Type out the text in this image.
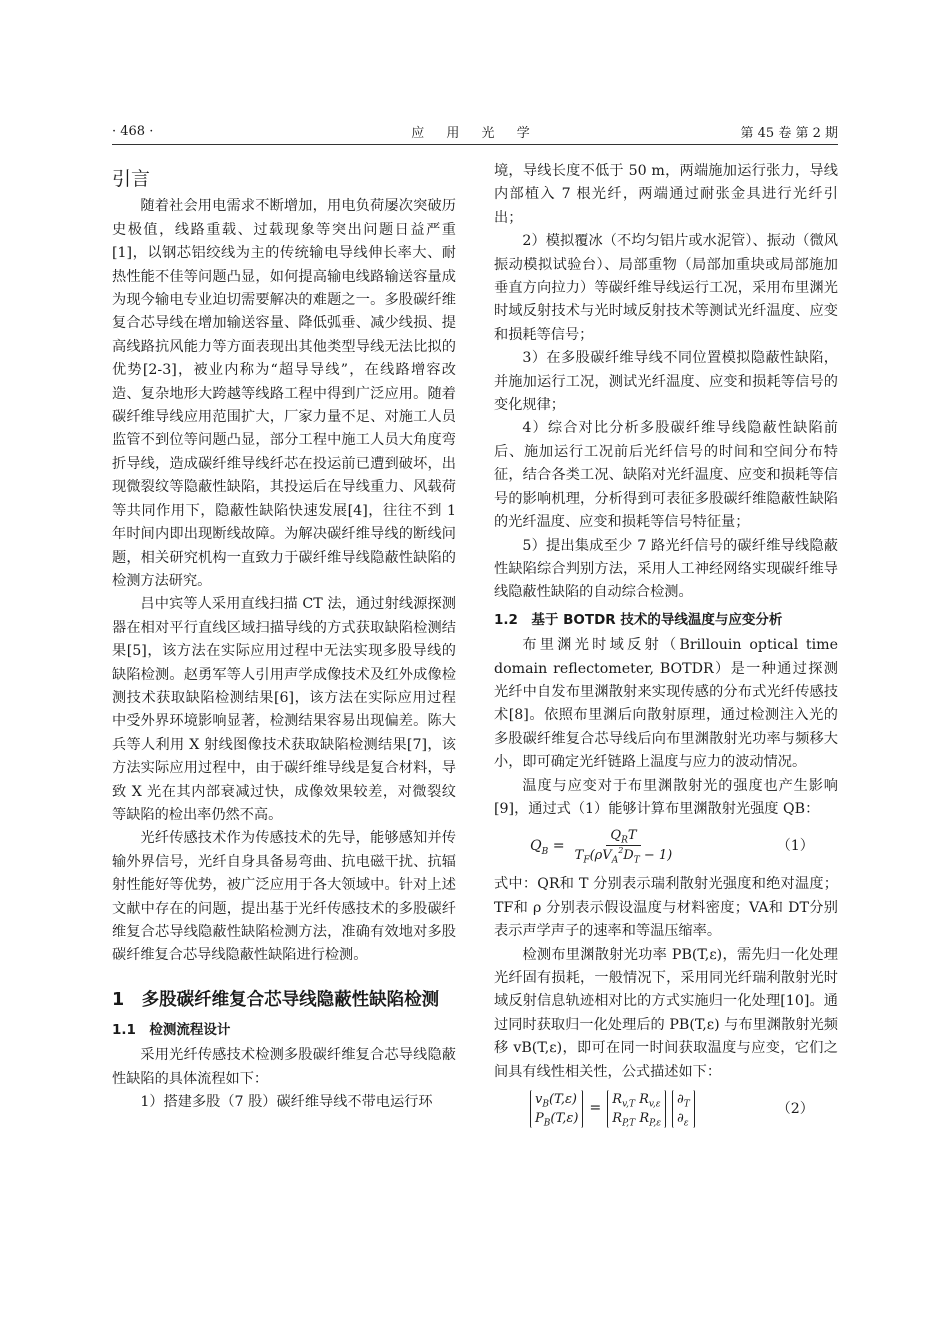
· 468 ·	应 用 光 学	第 45 卷 第 2 期
引言

随着社会用电需求不断增加，用电负荷屡次突破历史极值，线路重载、过载现象等突出问题日益严重[1]，以钢芯铝绞线为主的传统输电导线伸长率大、耐热性能不佳等问题凸显，如何提高输电线路输送容量成为现今输电专业迫切需要解决的难题之一。多股碳纤维复合芯导线在增加输送容量、降低弧垂、减少线损、提高线路抗风能力等方面表现出其他类型导线无法比拟的优势[2-3]，被业内称为“超导导线”，在线路增容改造、复杂地形大跨越等线路工程中得到广泛应用。随着碳纤维导线应用范围扩大，厂家力量不足、对施工人员监管不到位等问题凸显，部分工程中施工人员大角度弯折导线，造成碳纤维导线纤芯在投运前已遭到破坏，出现微裂纹等隐蔽性缺陷，其投运后在导线重力、风载荷等共同作用下，隐蔽性缺陷快速发展[4]，往往不到 1 年时间内即出现断线故障。为解决碳纤维导线的断线问题，相关研究机构一直致力于碳纤维导线隐蔽性缺陷的检测方法研究。

吕中宾等人采用直线扫描 CT 法，通过射线源探测器在相对平行直线区域扫描导线的方式获取缺陷检测结果[5]，该方法在实际应用过程中无法实现多股导线的缺陷检测。赵勇军等人引用声学成像技术及红外成像检测技术获取缺陷检测结果[6]，该方法在实际应用过程中受外界环境影响显著，检测结果容易出现偏差。陈大兵等人利用 X 射线图像技术获取缺陷检测结果[7]，该方法实际应用过程中，由于碳纤维导线是复合材料，导致 X 光在其内部衰减过快，成像效果较差，对微裂纹等缺陷的检出率仍然不高。

光纤传感技术作为传感技术的先导，能够感知并传输外界信号，光纤自身具备易弯曲、抗电磁干扰、抗辐射性能好等优势，被广泛应用于各大领域中。针对上述文献中存在的问题，提出基于光纤传感技术的多股碳纤维复合芯导线隐蔽性缺陷检测方法，准确有效地对多股碳纤维复合芯导线隐蔽性缺陷进行检测。

1　多股碳纤维复合芯导线隐蔽性缺陷检测
1.1　检测流程设计

采用光纤传感技术检测多股碳纤维复合芯导线隐蔽性缺陷的具体流程如下：

1）搭建多股（7 股）碳纤维导线不带电运行环

境，导线长度不低于 50 m，两端施加运行张力，导线内部植入 7 根光纤，两端通过耐张金具进行光纤引出；

2）模拟覆冰（不均匀铝片或水泥管）、振动（微风振动模拟试验台）、局部重物（局部加重块或局部施加垂直方向拉力）等碳纤维导线运行工况，采用布里渊光时域反射技术与光时域反射技术等测试光纤温度、应变和损耗等信号；

3）在多股碳纤维导线不同位置模拟隐蔽性缺陷，并施加运行工况，测试光纤温度、应变和损耗等信号的变化规律；

4）综合对比分析多股碳纤维导线隐蔽性缺陷前后、施加运行工况前后光纤信号的时间和空间分布特征，结合各类工况、缺陷对光纤温度、应变和损耗等信号的影响机理，分析得到可表征多股碳纤维隐蔽性缺陷的光纤温度、应变和损耗等信号特征量；

5）提出集成至少 7 路光纤信号的碳纤维导线隐蔽性缺陷综合判别方法，采用人工神经网络实现碳纤维导线隐蔽性缺陷的自动综合检测。

1.2　基于 BOTDR 技术的导线温度与应变分析

布里渊光时域反射（Brillouin optical time domain reflectometer, BOTDR）是一种通过探测光纤中自发布里渊散射来实现传感的分布式光纤传感技术[8]。依照布里渊后向散射原理，通过检测注入光的多股碳纤维复合芯导线后向布里渊散射光功率与频移大小，即可确定光纤链路上温度与应力的波动情况。

温度与应变对于布里渊散射光的强度也产生影响[9]，通过式（1）能够计算布里渊散射光强度 QB：

$Q_B = \frac{Q_RT}{T_F(\rho V_A^2D_T - 1)}$	（1）

式中：QR和 T 分别表示瑞利散射光强度和绝对温度；TF和 ρ 分别表示假设温度与材料密度；VA和 DT分别表示声学声子的速率和等温压缩率。

检测布里渊散射光功率 PB(T,ε)，需先归一化处理光纤固有损耗，一般情况下，采用同光纤瑞利散射光时域反射信息轨迹相对比的方式实施归一化处理[10]。通过同时获取归一化处理后的 PB(T,ε) 与布里渊散射光频移 vB(T,ε)，即可在同一时间获取温度与应变，它们之间具有线性相关性，公式描述如下：

$v_B(T,\varepsilon)$
$P_B(T,\varepsilon)$
=
$R_{v,T}$ $R_{v,\varepsilon}$
$R_{P,T}$ $R_{P,\varepsilon}$
$\partial_T$
$\partial_\varepsilon$
（2）
